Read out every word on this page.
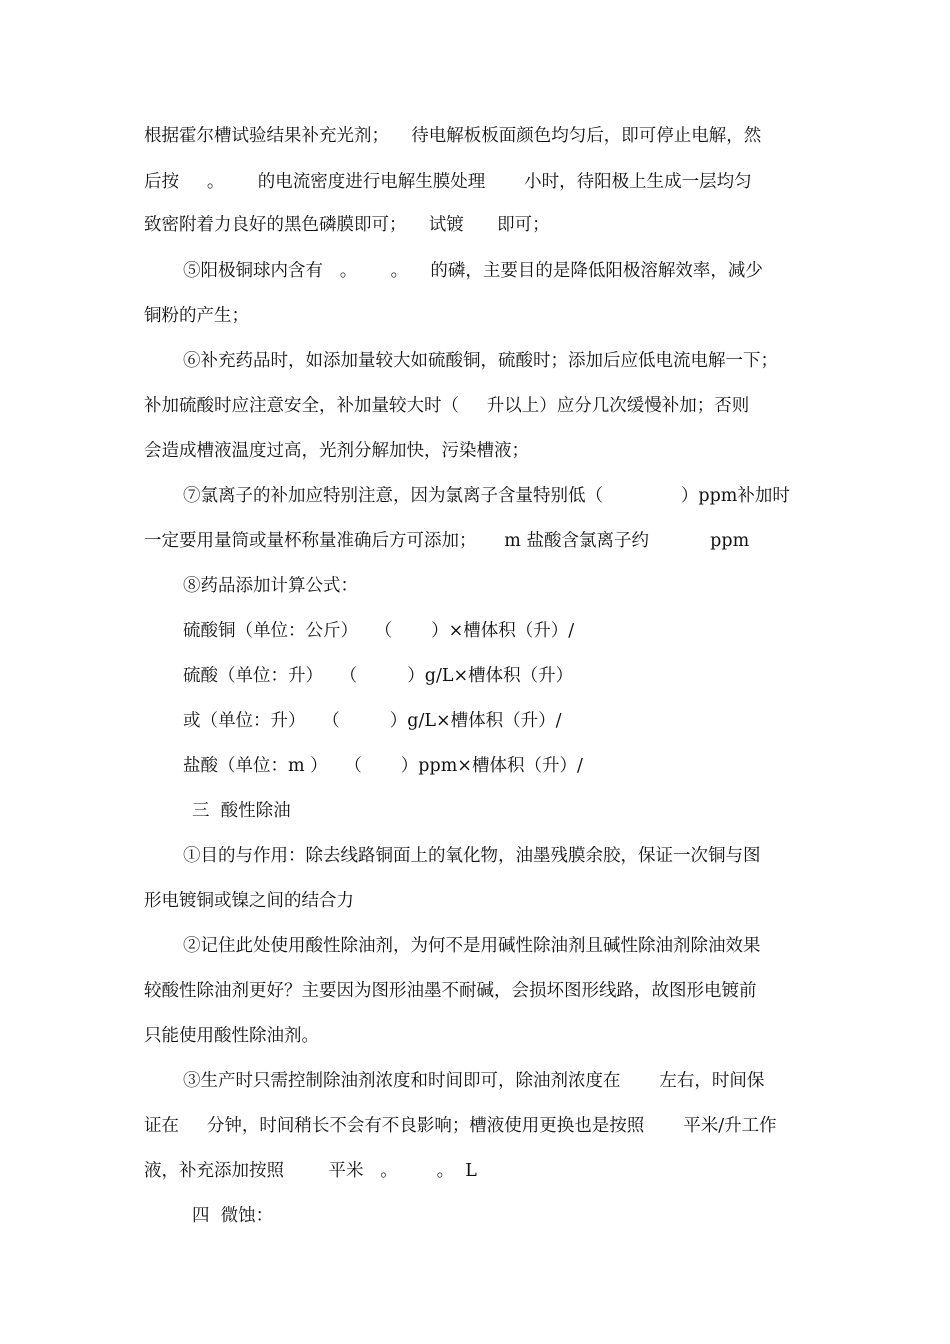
根据霍尔槽试验结果补充光剂；    待电解板板面颜色均匀后，即可停止电解，然
后按     。      的电流密度进行电解生膜处理       小时，待阳极上生成一层均匀
致密附着力良好的黑色磷膜即可；    试镀      即可；
⑤阳极铜球内含有   。      。    的磷，主要目的是降低阳极溶解效率，减少
铜粉的产生；
⑥补充药品时，如添加量较大如硫酸铜，硫酸时；添加后应低电流电解一下；
补加硫酸时应注意安全，补加量较大时（     升以上）应分几次缓慢补加；否则
会造成槽液温度过高，光剂分解加快，污染槽液；
⑦氯离子的补加应特别注意，因为氯离子含量特别低（              ）ppm补加时
一定要用量筒或量杯称量准确后方可添加；     m 盐酸含氯离子约           ppm
⑧药品添加计算公式：
硫酸铜（单位：公斤）   （       ）×槽体积（升）/
硫酸（单位：升）   （         ）g/L×槽体积（升）
或（单位：升）   （         ）g/L×槽体积（升）/
盐酸（单位：m ）   （       ）ppm×槽体积（升）/
三  酸性除油
①目的与作用：除去线路铜面上的氧化物，油墨残膜余胶，保证一次铜与图
形电镀铜或镍之间的结合力
②记住此处使用酸性除油剂，为何不是用碱性除油剂且碱性除油剂除油效果
较酸性除油剂更好？主要因为图形油墨不耐碱，会损坏图形线路，故图形电镀前
只能使用酸性除油剂。
③生产时只需控制除油剂浓度和时间即可，除油剂浓度在       左右，时间保
证在     分钟，时间稍长不会有不良影响；槽液使用更换也是按照       平米/升工作
液，补充添加按照        平米   。       。  L
四  微蚀：
